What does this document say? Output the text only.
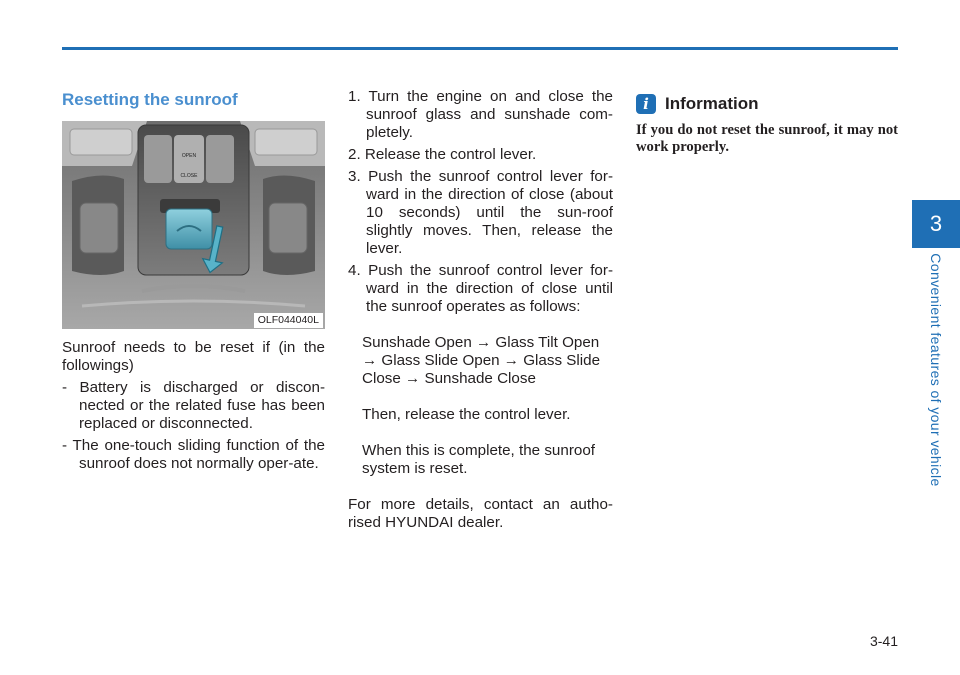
Resetting the sunroof
OPEN
CLOSE
OLF044040L

Sunroof needs to be reset if (in the followings)

- Battery is discharged or discon-nected or the related fuse has been replaced or disconnected.
- The one-touch sliding function of the sunroof does not normally oper-ate.
1. Turn the engine on and close the sunroof glass and sunshade com-pletely.
2. Release the control lever.
3. Push the sunroof control lever for-ward in the direction of close (about 10 seconds) until the sun-roof slightly moves. Then, release the lever.
4. Push the sunroof control lever for-ward in the direction of close until the sunroof operates as follows:

Sunshade Open → Glass Tilt Open → Glass Slide Open → Glass Slide Close → Sunshade Close

Then, release the control lever.

When this is complete, the sunroof system is reset.

For more details, contact an autho-rised HYUNDAI dealer.

i Information
If you do not reset the sunroof, it may not work properly.
3
Convenient features of your vehicle
3-41
